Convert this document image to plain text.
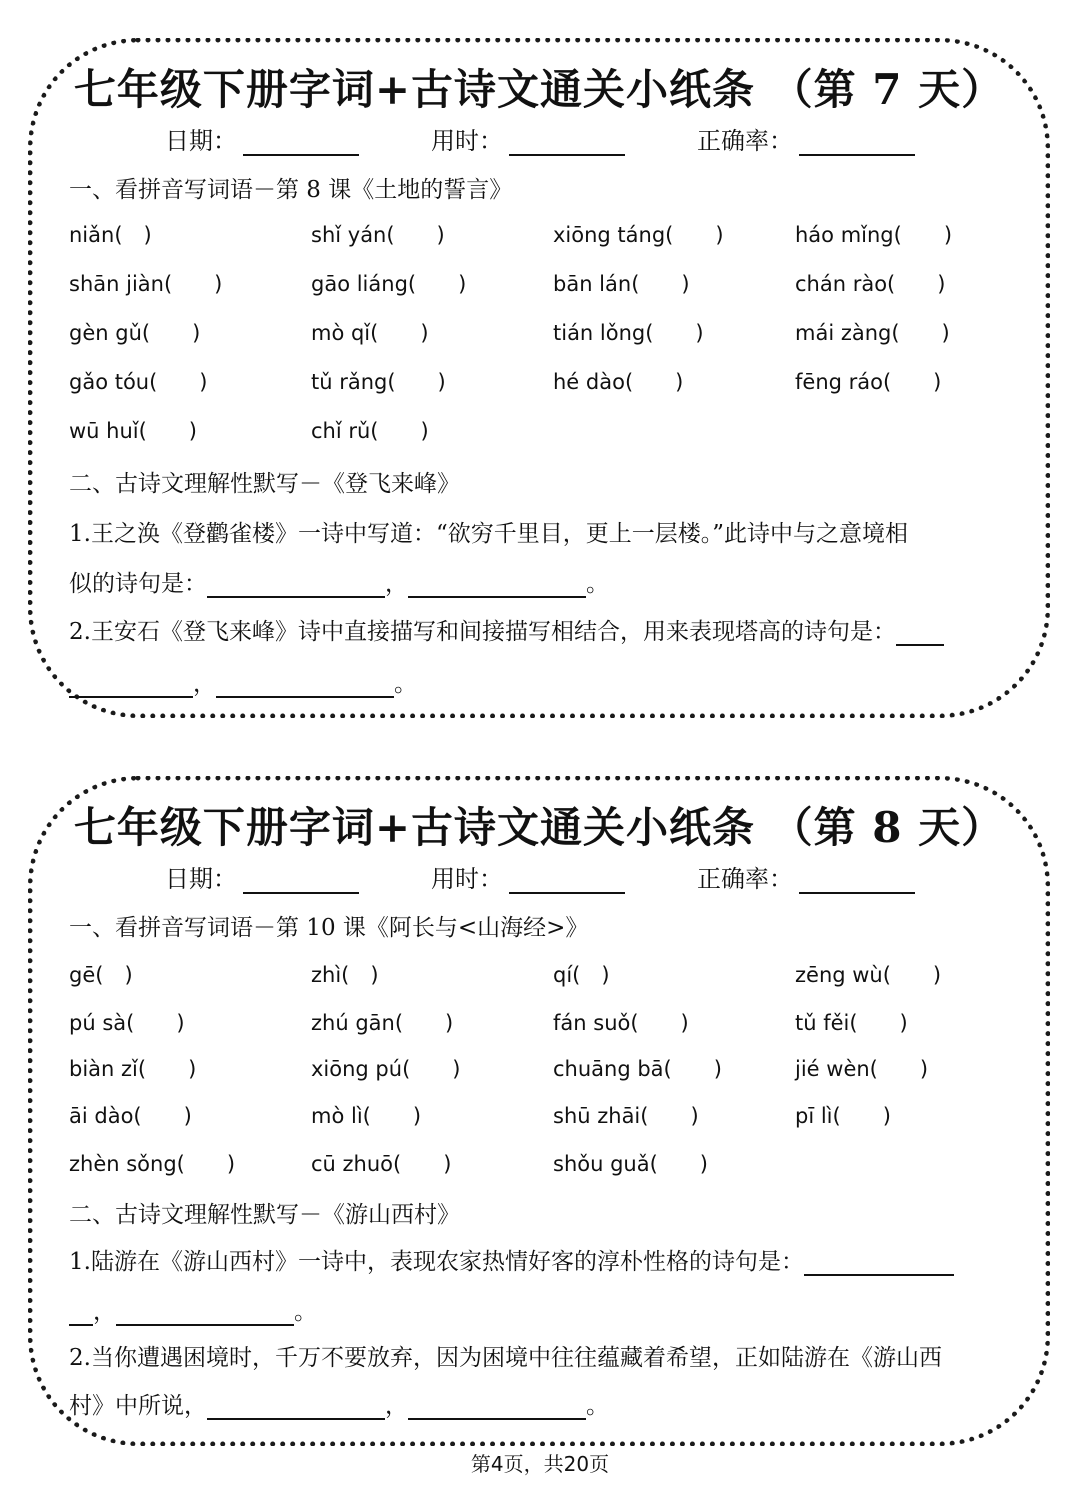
七年级下册字词+古诗文通关小纸条 （第 7 天）
日期：	用时：	正确率：
一、看拼音写词语－第 8 课《土地的誓言》
niǎn(　)	shǐ yán(　　)	xiōng táng(　　)	háo mǐng(　　)
shān jiàn(　　)	gāo liáng(　　)	bān lán(　　)	chán rào(　　)
gèn gǔ(　　)	mò qǐ(　　)	tián lǒng(　　)	mái zàng(　　)
gǎo tóu(　　)	tǔ rǎng(　　)	hé dào(　　)	fēng ráo(　　)
wū huǐ(　　)	chǐ rǔ(　　)
二、古诗文理解性默写－《登飞来峰》
1.王之涣《登鹳雀楼》一诗中写道：“欲穷千里目，更上一层楼。”此诗中与之意境相
似的诗句是：	，	。
2.王安石《登飞来峰》诗中直接描写和间接描写相结合，用来表现塔高的诗句是：
，	。
七年级下册字词+古诗文通关小纸条 （第 8 天）
日期：	用时：	正确率：
一、看拼音写词语－第 10 课《阿长与<山海经>》
gē(　)	zhì(　)	qí(　)	zēng wù(　　)
pú sà(　　)	zhú gān(　　)	fán suǒ(　　)	tǔ fěi(　　)
biàn zǐ(　　)	xiōng pú(　　)	chuāng bā(　　)	jié wèn(　　)
āi dào(　　)	mò lì(　　)	shū zhāi(　　)	pī lì(　　)
zhèn sǒng(　　)	cū zhuō(　　)	shǒu guǎ(　　)
二、古诗文理解性默写－《游山西村》
1.陆游在《游山西村》一诗中，表现农家热情好客的淳朴性格的诗句是：
，	。
2.当你遭遇困境时，千万不要放弃，因为困境中往往蕴藏着希望，正如陆游在《游山西
村》中所说，	，	。
第4页，共20页
